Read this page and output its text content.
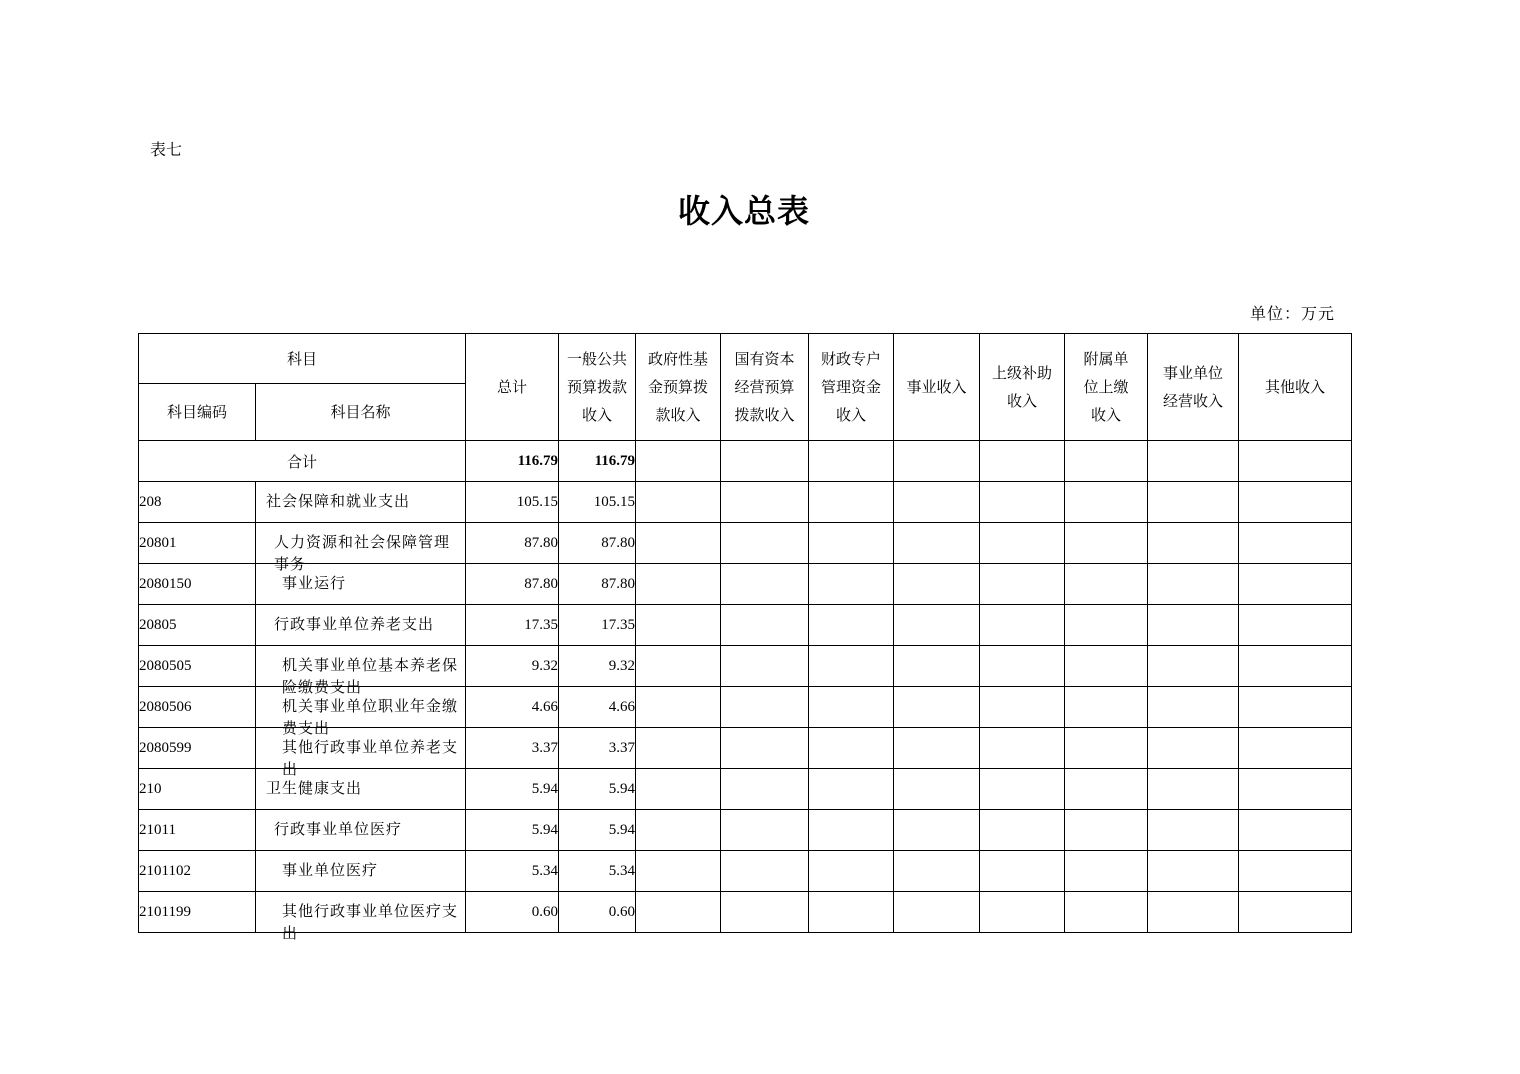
表七
收入总表
单位：万元
科目		总计	一般公共预算拨款收入	政府性基金预算拨款收入	国有资本经营预算拨款收入	财政专户管理资金收入	事业收入	上级补助收入	附属单位上缴收入	事业单位经营收入	其他收入
科目编码	科目名称										
合计		116.79	116.79								
208	社会保障和就业支出	105.15	105.15								
20801	人力资源和社会保障管理事务	87.80	87.80								
2080150	事业运行	87.80	87.80								
20805	行政事业单位养老支出	17.35	17.35								
2080505	机关事业单位基本养老保险缴费支出	9.32	9.32								
2080506	机关事业单位职业年金缴费支出	4.66	4.66								
2080599	其他行政事业单位养老支出	3.37	3.37								
210	卫生健康支出	5.94	5.94								
21011	行政事业单位医疗	5.94	5.94								
2101102	事业单位医疗	5.34	5.34								
2101199	其他行政事业单位医疗支出	0.60	0.60								
